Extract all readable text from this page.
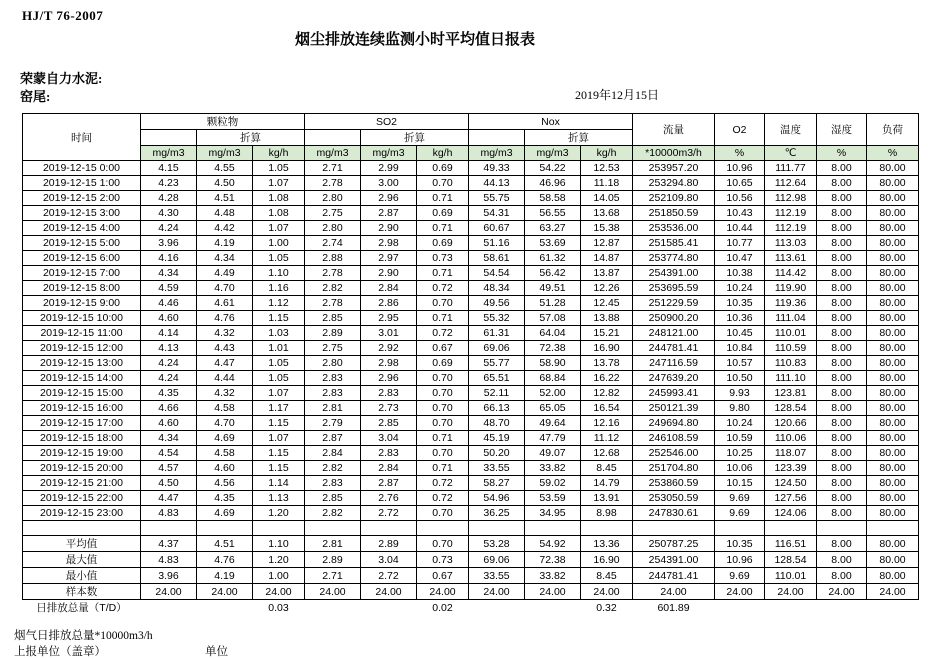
HJ/T 76-2007
烟尘排放连续监测小时平均值日报表
荣蒙自力水泥:
窑尾:	2019年12月15日
时间	颗粒物			SO2			Nox			流量	O2	温度	湿度	负荷
		折算			折算			折算						
	mg/m3	mg/m3	kg/h	mg/m3	mg/m3	kg/h	mg/m3	mg/m3	kg/h	*10000m3/h	%	℃	%	%
2019-12-15 0:00	4.15	4.55	1.05	2.71	2.99	0.69	49.33	54.22	12.53	253957.20	10.96	111.77	8.00	80.00
2019-12-15 1:00	4.23	4.50	1.07	2.78	3.00	0.70	44.13	46.96	11.18	253294.80	10.65	112.64	8.00	80.00
2019-12-15 2:00	4.28	4.51	1.08	2.80	2.96	0.71	55.75	58.58	14.05	252109.80	10.56	112.98	8.00	80.00
2019-12-15 3:00	4.30	4.48	1.08	2.75	2.87	0.69	54.31	56.55	13.68	251850.59	10.43	112.19	8.00	80.00
2019-12-15 4:00	4.24	4.42	1.07	2.80	2.90	0.71	60.67	63.27	15.38	253536.00	10.44	112.19	8.00	80.00
2019-12-15 5:00	3.96	4.19	1.00	2.74	2.98	0.69	51.16	53.69	12.87	251585.41	10.77	113.03	8.00	80.00
2019-12-15 6:00	4.16	4.34	1.05	2.88	2.97	0.73	58.61	61.32	14.87	253774.80	10.47	113.61	8.00	80.00
2019-12-15 7:00	4.34	4.49	1.10	2.78	2.90	0.71	54.54	56.42	13.87	254391.00	10.38	114.42	8.00	80.00
2019-12-15 8:00	4.59	4.70	1.16	2.82	2.84	0.72	48.34	49.51	12.26	253695.59	10.24	119.90	8.00	80.00
2019-12-15 9:00	4.46	4.61	1.12	2.78	2.86	0.70	49.56	51.28	12.45	251229.59	10.35	119.36	8.00	80.00
2019-12-15 10:00	4.60	4.76	1.15	2.85	2.95	0.71	55.32	57.08	13.88	250900.20	10.36	111.04	8.00	80.00
2019-12-15 11:00	4.14	4.32	1.03	2.89	3.01	0.72	61.31	64.04	15.21	248121.00	10.45	110.01	8.00	80.00
2019-12-15 12:00	4.13	4.43	1.01	2.75	2.92	0.67	69.06	72.38	16.90	244781.41	10.84	110.59	8.00	80.00
2019-12-15 13:00	4.24	4.47	1.05	2.80	2.98	0.69	55.77	58.90	13.78	247116.59	10.57	110.83	8.00	80.00
2019-12-15 14:00	4.24	4.44	1.05	2.83	2.96	0.70	65.51	68.84	16.22	247639.20	10.50	111.10	8.00	80.00
2019-12-15 15:00	4.35	4.32	1.07	2.83	2.83	0.70	52.11	52.00	12.82	245993.41	9.93	123.81	8.00	80.00
2019-12-15 16:00	4.66	4.58	1.17	2.81	2.73	0.70	66.13	65.05	16.54	250121.39	9.80	128.54	8.00	80.00
2019-12-15 17:00	4.60	4.70	1.15	2.79	2.85	0.70	48.70	49.64	12.16	249694.80	10.24	120.66	8.00	80.00
2019-12-15 18:00	4.34	4.69	1.07	2.87	3.04	0.71	45.19	47.79	11.12	246108.59	10.59	110.06	8.00	80.00
2019-12-15 19:00	4.54	4.58	1.15	2.84	2.83	0.70	50.20	49.07	12.68	252546.00	10.25	118.07	8.00	80.00
2019-12-15 20:00	4.57	4.60	1.15	2.82	2.84	0.71	33.55	33.82	8.45	251704.80	10.06	123.39	8.00	80.00
2019-12-15 21:00	4.50	4.56	1.14	2.83	2.87	0.72	58.27	59.02	14.79	253860.59	10.15	124.50	8.00	80.00
2019-12-15 22:00	4.47	4.35	1.13	2.85	2.76	0.72	54.96	53.59	13.91	253050.59	9.69	127.56	8.00	80.00
2019-12-15 23:00	4.83	4.69	1.20	2.82	2.72	0.70	36.25	34.95	8.98	247830.61	9.69	124.06	8.00	80.00

平均值	4.37	4.51	1.10	2.81	2.89	0.70	53.28	54.92	13.36	250787.25	10.35	116.51	8.00	80.00
最大值	4.83	4.76	1.20	2.89	3.04	0.73	69.06	72.38	16.90	254391.00	10.96	128.54	8.00	80.00
最小值	3.96	4.19	1.00	2.71	2.72	0.67	33.55	33.82	8.45	244781.41	9.69	110.01	8.00	80.00
样本数	24.00	24.00	24.00	24.00	24.00	24.00	24.00	24.00	24.00	24.00	24.00	24.00	24.00	24.00
日排放总量（T/D）			0.03			0.02			0.32	601.89				
烟气日排放总量*10000m3/h
上报单位（盖章）	单位
